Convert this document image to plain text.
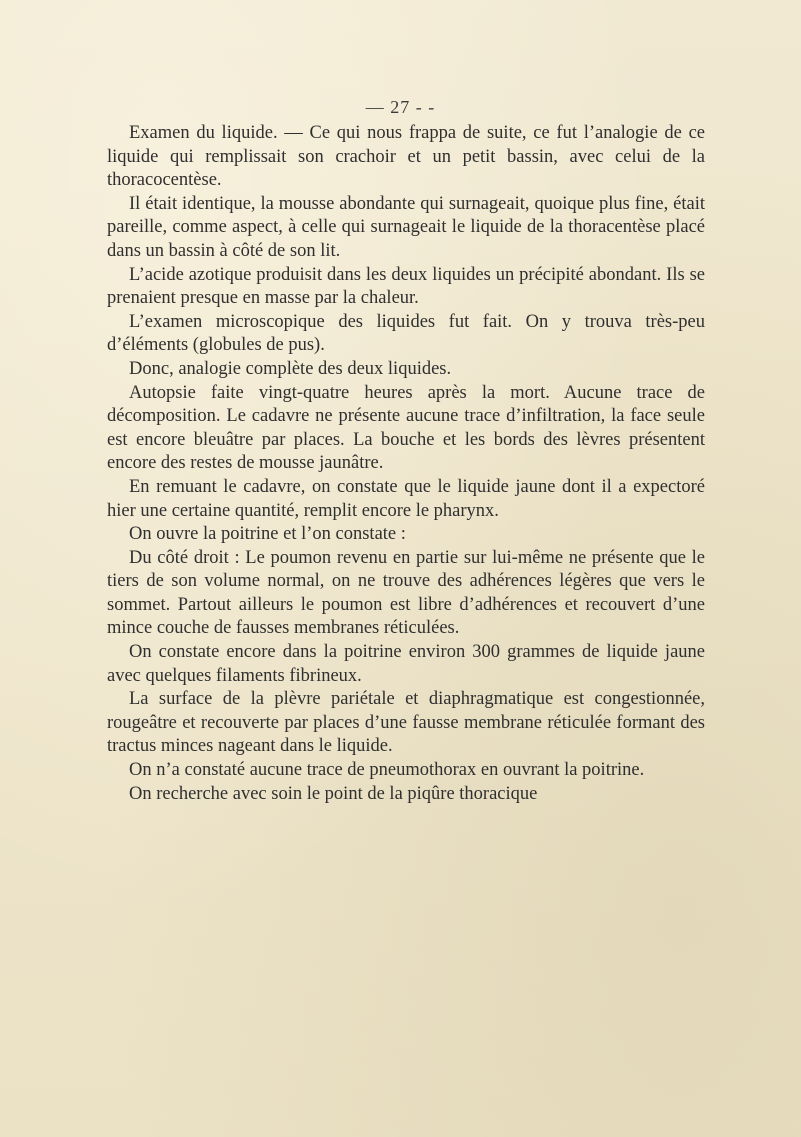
— 27 - -

Examen du liquide. — Ce qui nous frappa de suite, ce fut l’analogie de ce liquide qui remplissait son crachoir et un petit bassin, avec celui de la thoracocentèse.

Il était identique, la mousse abondante qui surnageait, quoique plus fine, était pareille, comme aspect, à celle qui surnageait le liquide de la thoracentèse placé dans un bassin à côté de son lit.

L’acide azotique produisit dans les deux liquides un précipité abondant. Ils se prenaient presque en masse par la chaleur.

L’examen microscopique des liquides fut fait. On y trouva très-peu d’éléments (globules de pus).

Donc, analogie complète des deux liquides.

Autopsie faite vingt-quatre heures après la mort. Aucune trace de décomposition. Le cadavre ne présente aucune trace d’infiltration, la face seule est encore bleuâtre par places. La bouche et les bords des lèvres présentent encore des restes de mousse jaunâtre.

En remuant le cadavre, on constate que le liquide jaune dont il a expectoré hier une certaine quantité, remplit encore le pharynx.

On ouvre la poitrine et l’on constate :

Du côté droit : Le poumon revenu en partie sur lui-même ne présente que le tiers de son volume normal, on ne trouve des adhérences légères que vers le sommet. Partout ailleurs le poumon est libre d’adhérences et recouvert d’une mince couche de fausses membranes réticulées.

On constate encore dans la poitrine environ 300 grammes de liquide jaune avec quelques filaments fibrineux.

La surface de la plèvre pariétale et diaphragmatique est congestionnée, rougeâtre et recouverte par places d’une fausse membrane réticulée formant des tractus minces nageant dans le liquide.

On n’a constaté aucune trace de pneumothorax en ouvrant la poitrine.

On recherche avec soin le point de la piqûre thoracique
